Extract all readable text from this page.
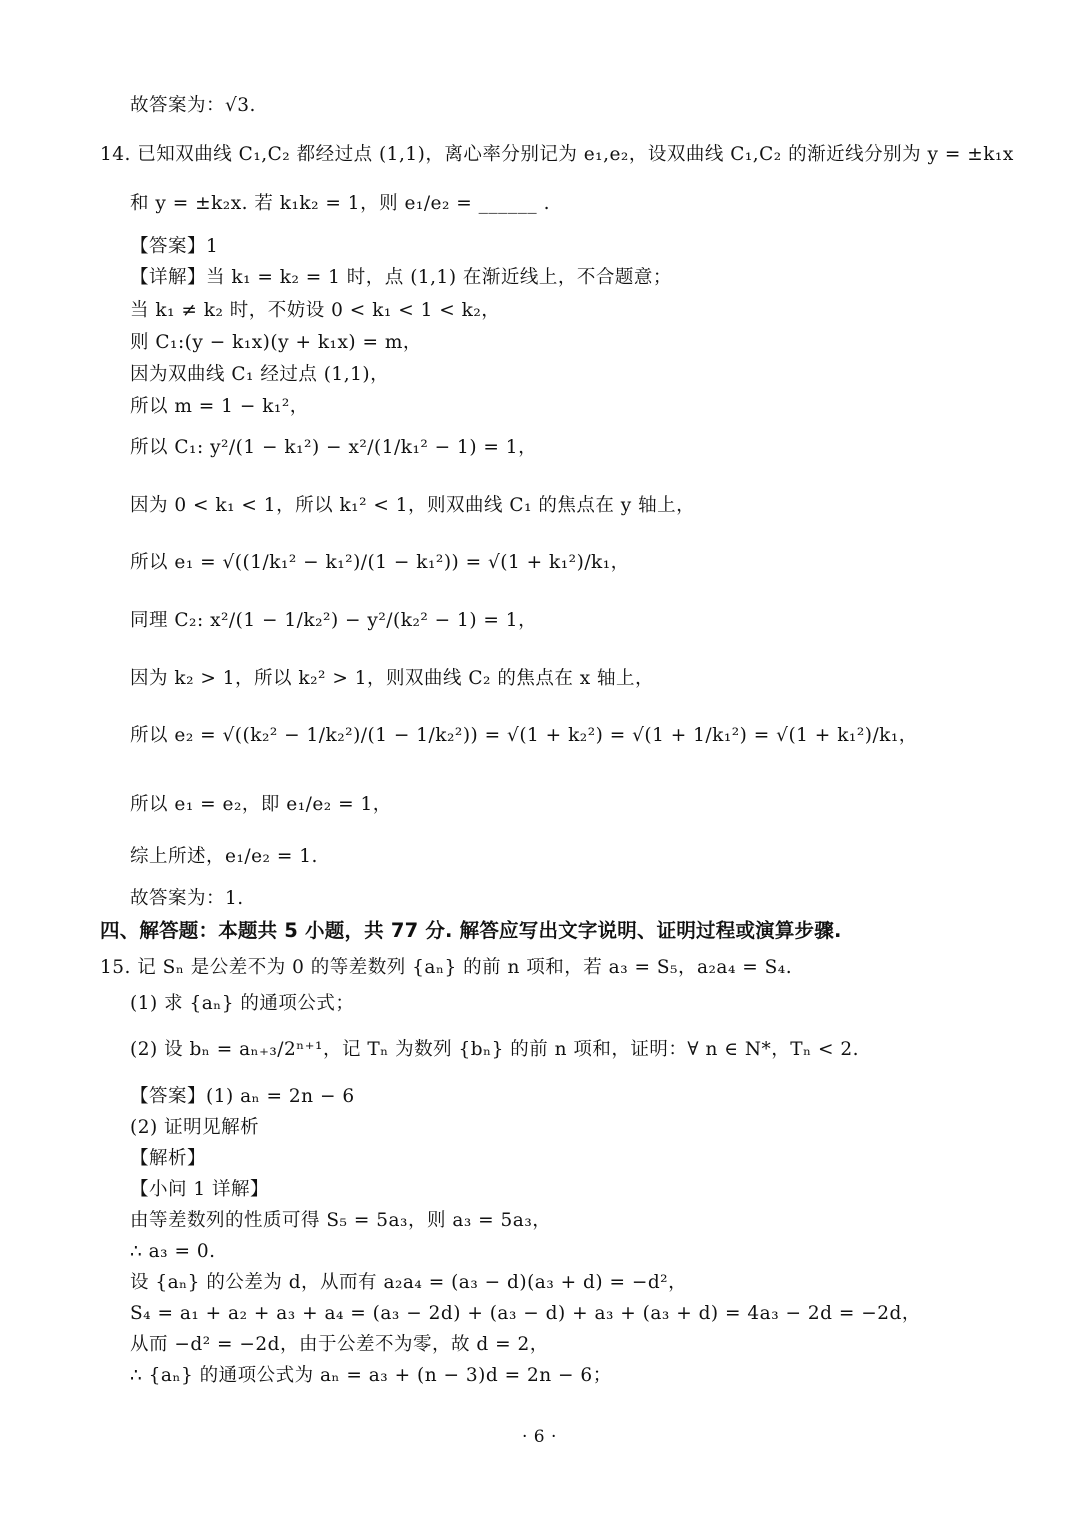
故答案为：√3.
14. 已知双曲线 C₁,C₂ 都经过点 (1,1)，离心率分别记为 e₁,e₂，设双曲线 C₁,C₂ 的渐近线分别为 y = ±k₁x
和 y = ±k₂x. 若 k₁k₂ = 1，则 e₁/e₂ = ______ .
【答案】1
【详解】当 k₁ = k₂ = 1 时，点 (1,1) 在渐近线上，不合题意；
当 k₁ ≠ k₂ 时，不妨设 0 < k₁ < 1 < k₂，
则 C₁:(y − k₁x)(y + k₁x) = m，
因为双曲线 C₁ 经过点 (1,1)，
所以 m = 1 − k₁²，
所以 C₁: y²/(1 − k₁²) − x²/(1/k₁² − 1) = 1，
因为 0 < k₁ < 1，所以 k₁² < 1，则双曲线 C₁ 的焦点在 y 轴上，
所以 e₁ = √((1/k₁² − k₁²)/(1 − k₁²)) = √(1 + k₁²)/k₁，
同理 C₂: x²/(1 − 1/k₂²) − y²/(k₂² − 1) = 1，
因为 k₂ > 1，所以 k₂² > 1，则双曲线 C₂ 的焦点在 x 轴上，
所以 e₂ = √((k₂² − 1/k₂²)/(1 − 1/k₂²)) = √(1 + k₂²) = √(1 + 1/k₁²) = √(1 + k₁²)/k₁，
所以 e₁ = e₂，即 e₁/e₂ = 1，
综上所述，e₁/e₂ = 1.
故答案为：1.
四、解答题：本题共 5 小题，共 77 分. 解答应写出文字说明、证明过程或演算步骤.
15. 记 Sₙ 是公差不为 0 的等差数列 {aₙ} 的前 n 项和，若 a₃ = S₅，a₂a₄ = S₄.
(1) 求 {aₙ} 的通项公式；
(2) 设 bₙ = aₙ₊₃/2ⁿ⁺¹，记 Tₙ 为数列 {bₙ} 的前 n 项和，证明：∀ n ∈ N*，Tₙ < 2.
【答案】(1) aₙ = 2n − 6
(2) 证明见解析
【解析】
【小问 1 详解】
由等差数列的性质可得 S₅ = 5a₃，则 a₃ = 5a₃，
∴ a₃ = 0.
设 {aₙ} 的公差为 d，从而有 a₂a₄ = (a₃ − d)(a₃ + d) = −d²，
S₄ = a₁ + a₂ + a₃ + a₄ = (a₃ − 2d) + (a₃ − d) + a₃ + (a₃ + d) = 4a₃ − 2d = −2d，
从而 −d² = −2d，由于公差不为零，故 d = 2，
∴ {aₙ} 的通项公式为 aₙ = a₃ + (n − 3)d = 2n − 6；
· 6 ·
